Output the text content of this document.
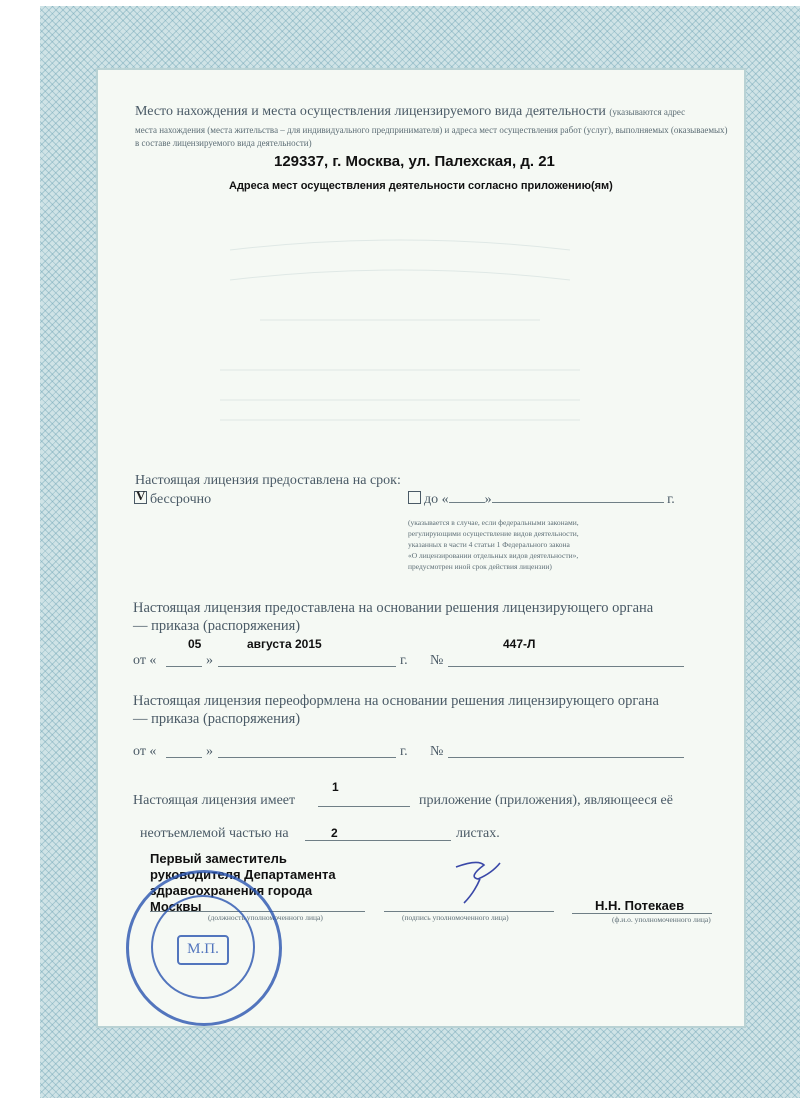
Место нахождения и места осуществления лицензируемого вида деятельности (указываются адрес
места нахождения (места жительства – для индивидуального предпринимателя) и адреса мест осуществления работ (услуг), выполняемых (оказываемых)
в составе лицензируемого вида деятельности)
129337, г. Москва, ул. Палехская, д. 21
Адреса мест осуществления деятельности согласно приложению(ям)
Настоящая лицензия предоставлена на срок:
V бессрочно	до «	»	г.
(указывается в случае, если федеральными законами,
регулирующими осуществление видов деятельности,
указанных в части 4 статьи 1 Федерального закона
«О лицензировании отдельных видов деятельности»,
предусмотрен иной срок действия лицензии)
Настоящая лицензия предоставлена на основании решения лицензирующего органа
— приказа (распоряжения)
05	августа 2015	447-Л
от «	»	г. №
Настоящая лицензия переоформлена на основании решения лицензирующего органа
— приказа (распоряжения)
от «	»	г. №
1
Настоящая лицензия имеет	приложение (приложения), являющееся её
неотъемлемой частью на	2	листах.
Первый заместитель
руководителя Департамента
здравоохранения города
Москвы
(должность уполномоченного лица)	(подпись уполномоченного лица)
Н.Н. Потекаев
(ф.и.о. уполномоченного лица)
М.П.
